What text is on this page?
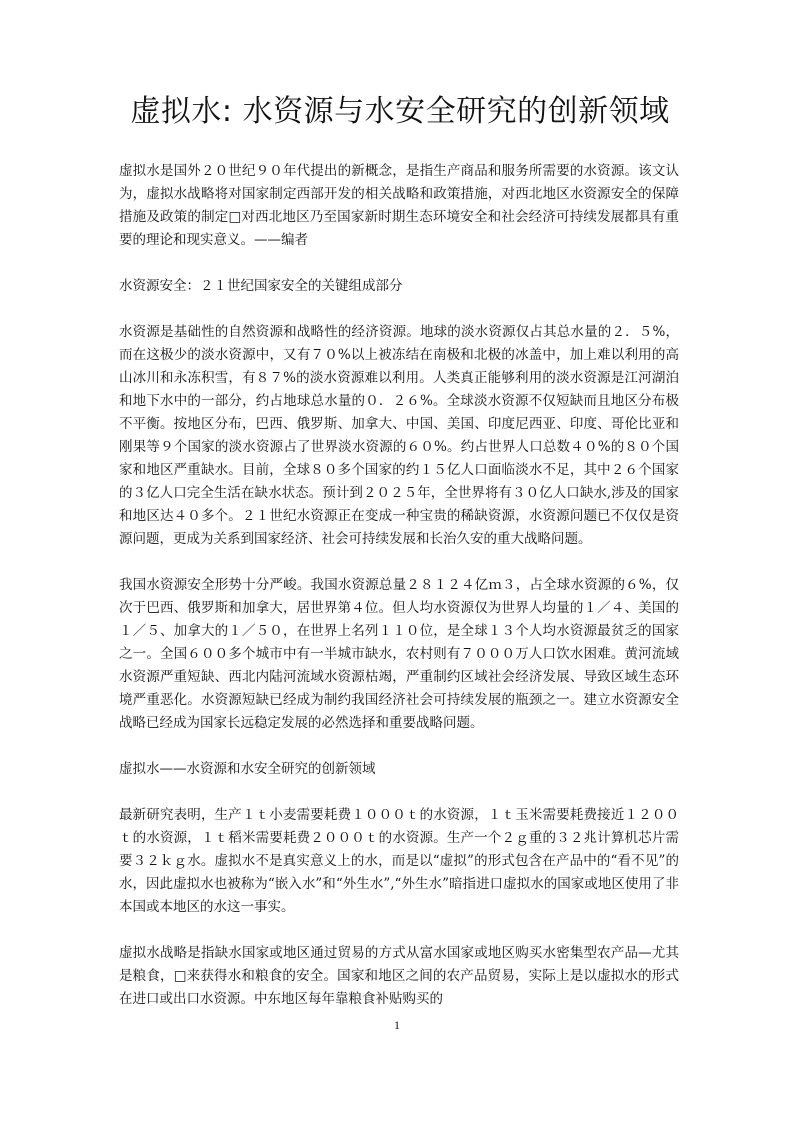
虚拟水: 水资源与水安全研究的创新领域

虚拟水是国外２０世纪９０年代提出的新概念，是指生产商品和服务所需要的水资源。该文认为，虚拟水战略将对国家制定西部开发的相关战略和政策措施，对西北地区水资源安全的保障措施及政策的制定□对西北地区乃至国家新时期生态环境安全和社会经济可持续发展都具有重要的理论和现实意义。——编者

水资源安全：２１世纪国家安全的关键组成部分

水资源是基础性的自然资源和战略性的经济资源。地球的淡水资源仅占其总水量的２．５%，而在这极少的淡水资源中，又有７０%以上被冻结在南极和北极的冰盖中，加上难以利用的高山冰川和永冻积雪，有８７%的淡水资源难以利用。人类真正能够利用的淡水资源是江河湖泊和地下水中的一部分，约占地球总水量的０．２６%。全球淡水资源不仅短缺而且地区分布极不平衡。按地区分布，巴西、俄罗斯、加拿大、中国、美国、印度尼西亚、印度、哥伦比亚和刚果等９个国家的淡水资源占了世界淡水资源的６０%。约占世界人口总数４０%的８０个国家和地区严重缺水。目前，全球８０多个国家的约１５亿人口面临淡水不足，其中２６个国家的３亿人口完全生活在缺水状态。预计到２０２５年，全世界将有３０亿人口缺水,涉及的国家和地区达４０多个。２１世纪水资源正在变成一种宝贵的稀缺资源，水资源问题已不仅仅是资源问题，更成为关系到国家经济、社会可持续发展和长治久安的重大战略问题。

我国水资源安全形势十分严峻。我国水资源总量２８１２４亿ｍ３，占全球水资源的６%，仅次于巴西、俄罗斯和加拿大，居世界第４位。但人均水资源仅为世界人均量的１／４、美国的１／５、加拿大的１／５０，在世界上名列１１０位，是全球１３个人均水资源最贫乏的国家之一。全国６００多个城市中有一半城市缺水，农村则有７０００万人口饮水困难。黄河流域水资源严重短缺、西北内陆河流域水资源枯竭，严重制约区域社会经济发展、导致区域生态环境严重恶化。水资源短缺已经成为制约我国经济社会可持续发展的瓶颈之一。建立水资源安全战略已经成为国家长远稳定发展的必然选择和重要战略问题。

虚拟水——水资源和水安全研究的创新领域

最新研究表明，生产１ｔ小麦需要耗费１０００ｔ的水资源，１ｔ玉米需要耗费接近１２００ｔ的水资源，１ｔ稻米需要耗费２０００ｔ的水资源。生产一个２ｇ重的３２兆计算机芯片需要３２ｋｇ水。虚拟水不是真实意义上的水，而是以“虚拟”的形式包含在产品中的“看不见”的水，因此虚拟水也被称为“嵌入水”和“外生水”,“外生水”暗指进口虚拟水的国家或地区使用了非本国或本地区的水这一事实。

虚拟水战略是指缺水国家或地区通过贸易的方式从富水国家或地区购买水密集型农产品—尤其是粮食，□来获得水和粮食的安全。国家和地区之间的农产品贸易，实际上是以虚拟水的形式在进口或出口水资源。中东地区每年靠粮食补贴购买的

1
